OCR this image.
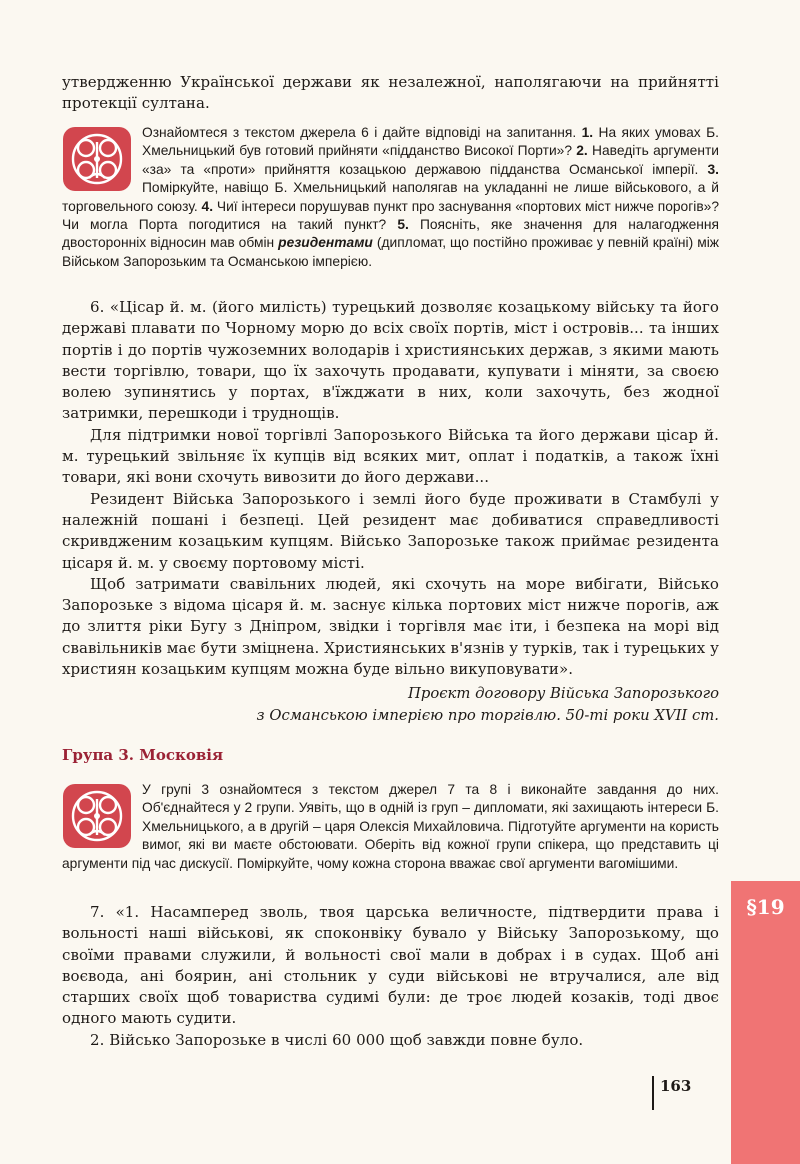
утвердженню Української держави як незалежної, наполягаючи на прийнятті протекції султана.

Ознайомтеся з текстом джерела 6 і дайте відповіді на запитання. 1. На яких умовах Б. Хмельницький був готовий прийняти «підданство Високої Порти»? 2. Наведіть аргументи «за» та «проти» прийняття козацькою державою підданства Османської імперії. 3. Поміркуйте, навіщо Б. Хмельницький наполягав на укладанні не лише військового, а й торговельного союзу. 4. Чиї інтереси порушував пункт про заснування «портових міст нижче порогів»? Чи могла Порта погодитися на такий пункт? 5. Поясніть, яке значення для налагодження двосторонніх відносин мав обмін резидентами (дипломат, що постійно проживає у певній країні) між Військом Запорозьким та Османською імперією.

6. «Цісар й. м. (його милість) турецький дозволяє козацькому війську та його державі плавати по Чорному морю до всіх своїх портів, міст і островів... та інших портів і до портів чужоземних володарів і християнських держав, з якими мають вести торгівлю, товари, що їх захочуть продавати, купувати і міняти, за своєю волею зупинятись у портах, в'їжджати в них, коли захочуть, без жодної затримки, перешкоди і труднощів.

Для підтримки нової торгівлі Запорозького Війська та його держави цісар й. м. турецький звільняє їх купців від всяких мит, оплат і податків, а також їхні товари, які вони схочуть вивозити до його держави...

Резидент Війська Запорозького і землі його буде проживати в Стамбулі у належній пошані і безпеці. Цей резидент має добиватися справедливості скривдженим козацьким купцям. Військо Запорозьке також приймає резидента цісаря й. м. у своєму портовому місті.

Щоб затримати свавільних людей, які схочуть на море вибігати, Військо Запорозьке з відома цісаря й. м. заснує кілька портових міст нижче порогів, аж до злиття ріки Бугу з Дніпром, звідки і торгівля має іти, і безпека на морі від свавільників має бути зміцнена. Християнських в'язнів у турків, так і турецьких у християн козацьким купцям можна буде вільно викуповувати».

Проєкт договору Війська Запорозького
з Османською імперією про торгівлю. 50-ті роки XVII ст.
Група 3. Московія

У групі 3 ознайомтеся з текстом джерел 7 та 8 і виконайте завдання до них. Об'єднайтеся у 2 групи. Уявіть, що в одній із груп – дипломати, які захищають інтереси Б. Хмельницького, а в другій – царя Олексія Михайловича. Підготуйте аргументи на користь вимог, які ви маєте обстоювати. Оберіть від кожної групи спікера, що представить ці аргументи під час дискусії. Поміркуйте, чому кожна сторона вважає свої аргументи вагомішими.

7. «1. Насамперед зволь, твоя царська величносте, підтвердити права і вольності наші військові, як споконвіку бувало у Війську Запорозькому, що своїми правами служили, й вольності свої мали в добрах і в судах. Щоб ані воєвода, ані боярин, ані стольник у суди військові не втручалися, але від старших своїх щоб товариства судимі були: де троє людей козаків, тоді двоє одного мають судити.

2. Військо Запорозьке в числі 60 000 щоб завжди повне було.

§19
163
